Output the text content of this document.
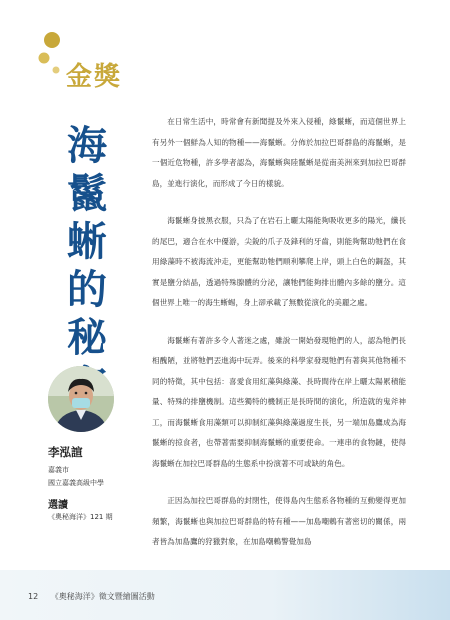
金獎
海鬣蜥的秘
李泓諠
嘉義市
國立嘉義高級中學
選讀
《奧秘海洋》121 期

在日常生活中，時常會有新聞提及外來入侵種，綠鬣蜥，而這個世界上有另外一個鮮為人知的物種——海鬣蜥。分佈於加拉巴哥群島的海鬣蜥，是一個近危物種，許多學者認為，海鬣蜥與陸鬣蜥是從南美洲來到加拉巴哥群島，並進行演化，而形成了今日的樣貌。

海鬣蜥身披黑衣服，只為了在岩石上曬太陽能夠吸收更多的陽光，纖長的尾巴，適合在水中優游，尖銳的爪子及鋒利的牙齒，則能夠幫助牠們在食用綠藻時不被海流沖走，更能幫助牠們順利攀爬上岸，頭上白色的鋼盔，其實是鹽分結晶，透過特殊腺體的分泌，讓牠們能夠排出體內多餘的鹽分。這個世界上唯一的海生蜥蜴，身上卻承載了無數從演化的美麗之處。

海鬣蜥有著許多令人著迷之處，雖說一開始發現牠們的人，認為牠們長相醜陋，並將牠們丟進海中玩弄。後來的科學家發現牠們有著與其他物種不同的特徵，其中包括：喜愛食用紅藻與綠藻、長時間待在岸上曬太陽累積能量、特殊的排鹽機制。這些獨特的機制正是長時間的演化，所造就的鬼斧神工，而海鬣蜥食用藻類可以抑制紅藻與綠藻過度生長，另一端加島鷹成為海鬣蜥的掠食者，也帶著需要抑制海鬣蜥的重要使命。一連串的食物鏈，使得海鬣蜥在加拉巴哥群島的生態系中扮演著不可或缺的角色。

正因為加拉巴哥群島的封閉性，使得島內生態系各物種的互動變得更加頻繁，海鬣蜥也與加拉巴哥群島的特有種——加島嘲鶇有著密切的關係，兩者皆為加島鷹的狩獵對象，在加島嘲鶇警覺加島

12 《奧秘海洋》徵文暨繪圖活動
